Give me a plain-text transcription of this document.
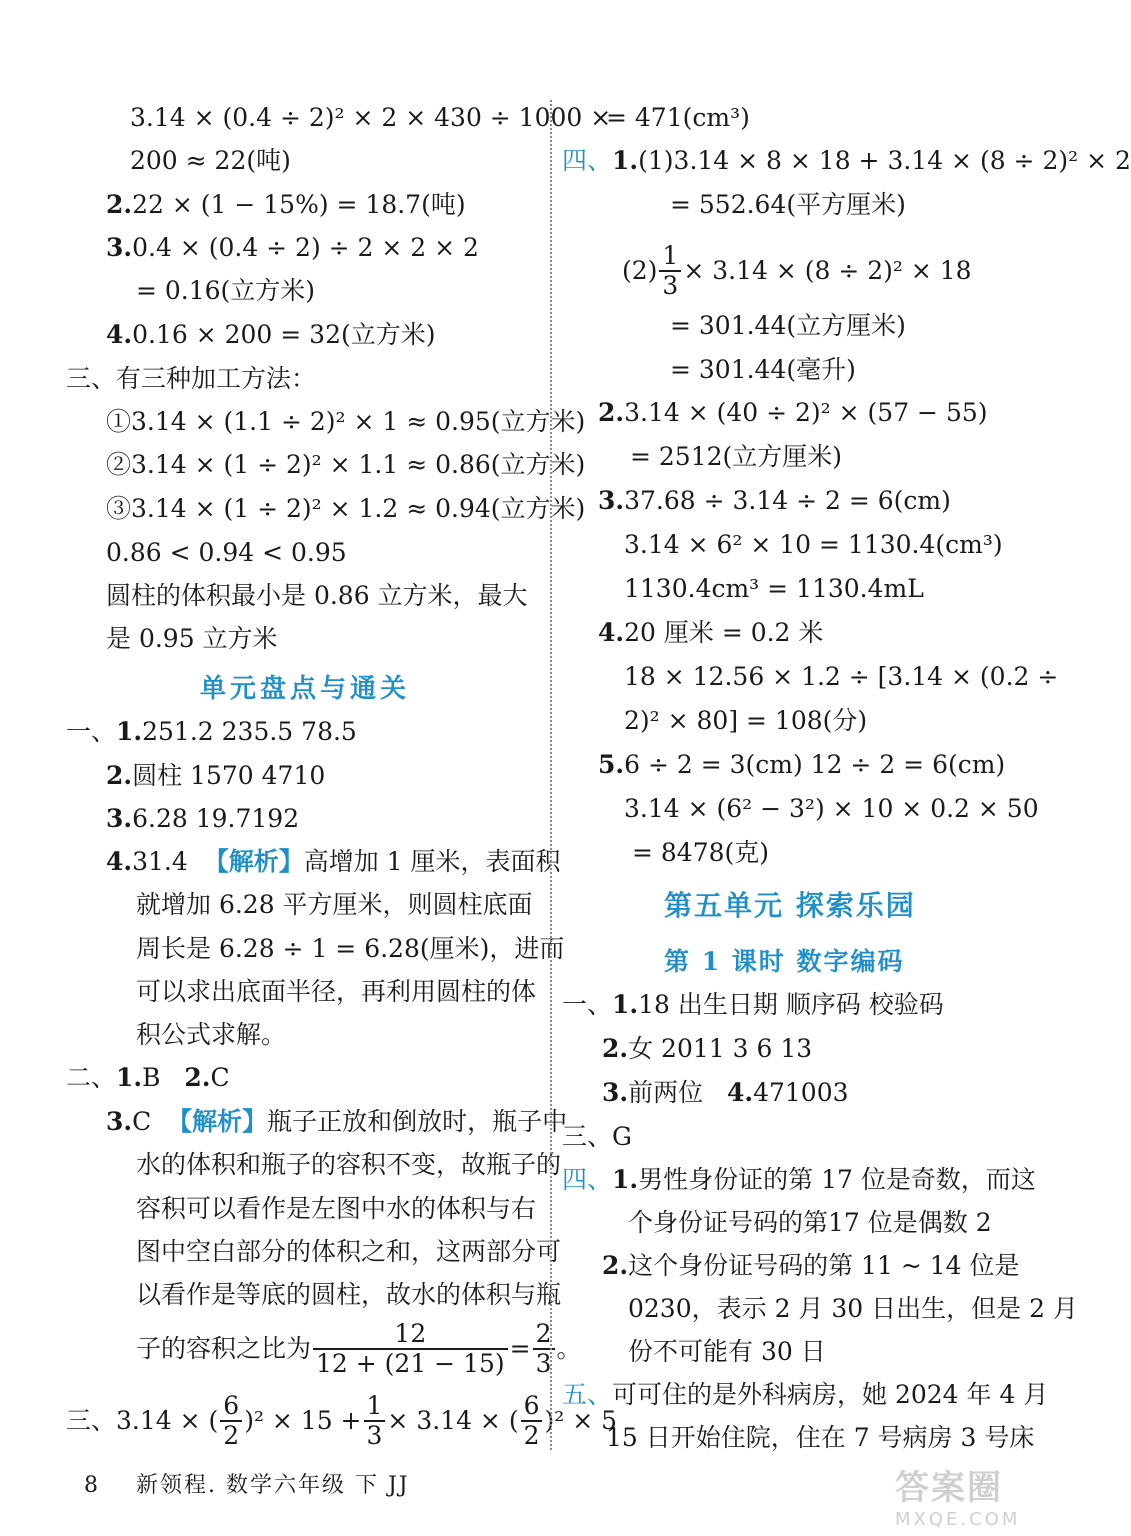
3.14 × (0.4 ÷ 2)² × 2 × 430 ÷ 1000 ×
200 ≈ 22(吨)
2.22 × (1 − 15%) = 18.7(吨)
3.0.4 × (0.4 ÷ 2) ÷ 2 × 2 × 2
= 0.16(立方米)
4.0.16 × 200 = 32(立方米)
三、有三种加工方法：
①3.14 × (1.1 ÷ 2)² × 1 ≈ 0.95(立方米)
②3.14 × (1 ÷ 2)² × 1.1 ≈ 0.86(立方米)
③3.14 × (1 ÷ 2)² × 1.2 ≈ 0.94(立方米)
0.86 < 0.94 < 0.95
圆柱的体积最小是 0.86 立方米，最大
是 0.95 立方米
单元盘点与通关
一、1.251.2 235.5 78.5
2.圆柱 1570 4710
3.6.28 19.7192
4.31.4 【解析】高增加 1 厘米，表面积
就增加 6.28 平方厘米，则圆柱底面
周长是 6.28 ÷ 1 = 6.28(厘米)，进而
可以求出底面半径，再利用圆柱的体
积公式求解。
二、1.B 2.C
3.C 【解析】瓶子正放和倒放时，瓶子中
水的体积和瓶子的容积不变，故瓶子的
容积可以看作是左图中水的体积与右
图中空白部分的体积之和，这两部分可
以看作是等底的圆柱，故水的体积与瓶
子的容积之比为 $\frac{12}{12 + (21 - 15)} = \frac{2}{3}$ 。
三、3.14 × ( $\frac{6}{2} )^2 \times 15 + \frac{1}{3} \times 3.14$ × ( $\frac{6}{2} )^2 \times 5$
= 471(cm³)
四、1.(1)3.14 × 8 × 18 + 3.14 × (8 ÷ 2)² × 2
= 552.64(平方厘米)
$(2) \frac{1}{3} \times 3.14 \times (8 \div 2)^2 \times 18$
= 301.44(立方厘米)
= 301.44(毫升)
2.3.14 × (40 ÷ 2)² × (57 − 55)
= 2512(立方厘米)
3.37.68 ÷ 3.14 ÷ 2 = 6(cm)
3.14 × 6² × 10 = 1130.4(cm³)
1130.4cm³ = 1130.4mL
4.20 厘米 = 0.2 米
18 × 12.56 × 1.2 ÷ [3.14 × (0.2 ÷
2)² × 80] = 108(分)
5.6 ÷ 2 = 3(cm) 12 ÷ 2 = 6(cm)
3.14 × (6² − 3²) × 10 × 0.2 × 50
= 8478(克)
第五单元 探索乐园
第 1 课时 数字编码
一、1.18 出生日期 顺序码 校验码
2.女 2011 3 6 13
3.前两位 4.471003
三、G
四、1.男性身份证的第 17 位是奇数，而这
个身份证号码的第17 位是偶数 2
2.这个身份证号码的第 11 ~ 14 位是
0230，表示 2 月 30 日出生，但是 2 月
份不可能有 30 日
五、可可住的是外科病房，她 2024 年 4 月
15 日开始住院，住在 7 号病房 3 号床
8 新领程. 数学六年级 下 JJ	答案圈
MXQE.COM
